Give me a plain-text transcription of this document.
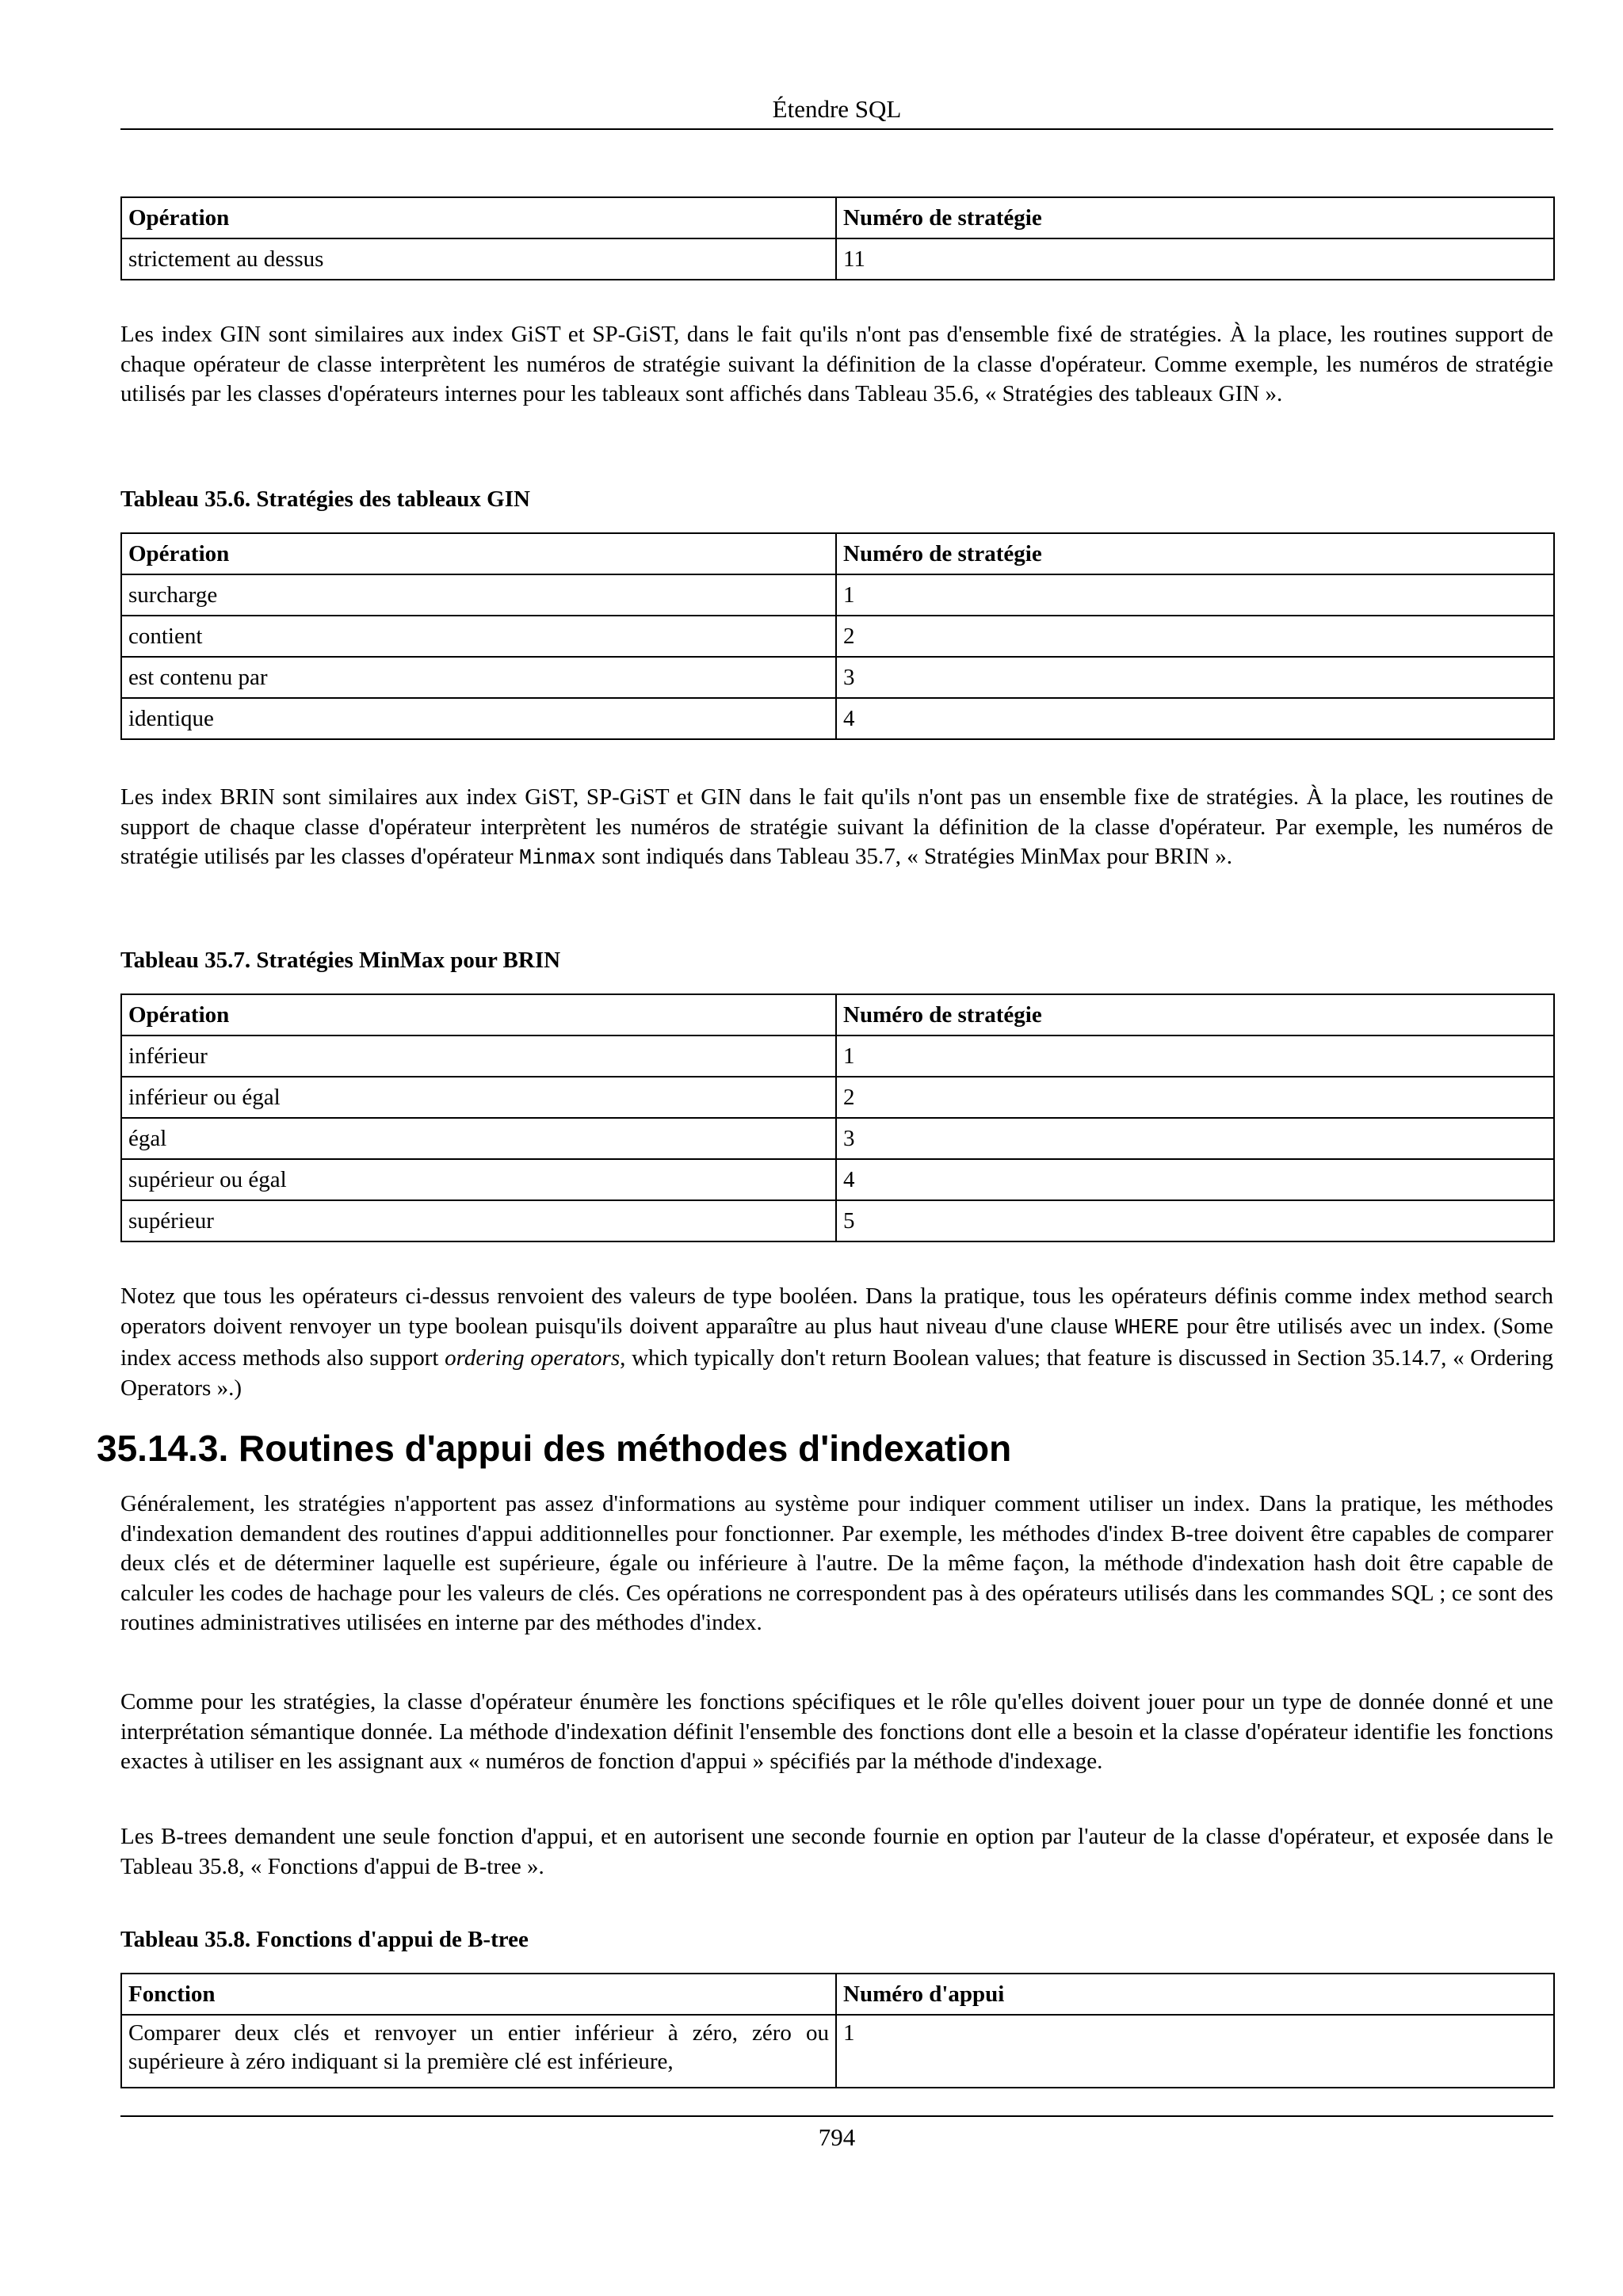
Étendre SQL
Opération	Numéro de stratégie
strictement au dessus	11

Les index GIN sont similaires aux index GiST et SP-GiST, dans le fait qu'ils n'ont pas d'ensemble fixé de stratégies. À la place, les routines support de chaque opérateur de classe interprètent les numéros de stratégie suivant la définition de la classe d'opérateur. Comme exemple, les numéros de stratégie utilisés par les classes d'opérateurs internes pour les tableaux sont affichés dans Tableau 35.6, « Stratégies des tableaux GIN ».

Tableau 35.6. Stratégies des tableaux GIN
Opération	Numéro de stratégie
surcharge	1
contient	2
est contenu par	3
identique	4

Les index BRIN sont similaires aux index GiST, SP-GiST et GIN dans le fait qu'ils n'ont pas un ensemble fixe de stratégies. À la place, les routines de support de chaque classe d'opérateur interprètent les numéros de stratégie suivant la définition de la classe d'opérateur. Par exemple, les numéros de stratégie utilisés par les classes d'opérateur Minmax sont indiqués dans Tableau 35.7, « Stratégies MinMax pour BRIN ».

Tableau 35.7. Stratégies MinMax pour BRIN
Opération	Numéro de stratégie
inférieur	1
inférieur ou égal	2
égal	3
supérieur ou égal	4
supérieur	5

Notez que tous les opérateurs ci-dessus renvoient des valeurs de type booléen. Dans la pratique, tous les opérateurs définis comme index method search operators doivent renvoyer un type boolean puisqu'ils doivent apparaître au plus haut niveau d'une clause WHERE pour être utilisés avec un index. (Some index access methods also support ordering operators, which typically don't return Boolean values; that feature is discussed in Section 35.14.7, « Ordering Operators ».)

35.14.3. Routines d'appui des méthodes d'indexation

Généralement, les stratégies n'apportent pas assez d'informations au système pour indiquer comment utiliser un index. Dans la pratique, les méthodes d'indexation demandent des routines d'appui additionnelles pour fonctionner. Par exemple, les méthodes d'index B-tree doivent être capables de comparer deux clés et de déterminer laquelle est supérieure, égale ou inférieure à l'autre. De la même façon, la méthode d'indexation hash doit être capable de calculer les codes de hachage pour les valeurs de clés. Ces opérations ne correspondent pas à des opérateurs utilisés dans les commandes SQL ; ce sont des routines administratives utilisées en interne par des méthodes d'index.

Comme pour les stratégies, la classe d'opérateur énumère les fonctions spécifiques et le rôle qu'elles doivent jouer pour un type de donnée donné et une interprétation sémantique donnée. La méthode d'indexation définit l'ensemble des fonctions dont elle a besoin et la classe d'opérateur identifie les fonctions exactes à utiliser en les assignant aux « numéros de fonction d'appui » spécifiés par la méthode d'indexage.

Les B-trees demandent une seule fonction d'appui, et en autorisent une seconde fournie en option par l'auteur de la classe d'opérateur, et exposée dans le Tableau 35.8, « Fonctions d'appui de B-tree ».

Tableau 35.8. Fonctions d'appui de B-tree
Fonction	Numéro d'appui
Comparer deux clés et renvoyer un entier inférieur à zéro, zéro ou supérieure à zéro indiquant si la première clé est inférieure,	1
794
